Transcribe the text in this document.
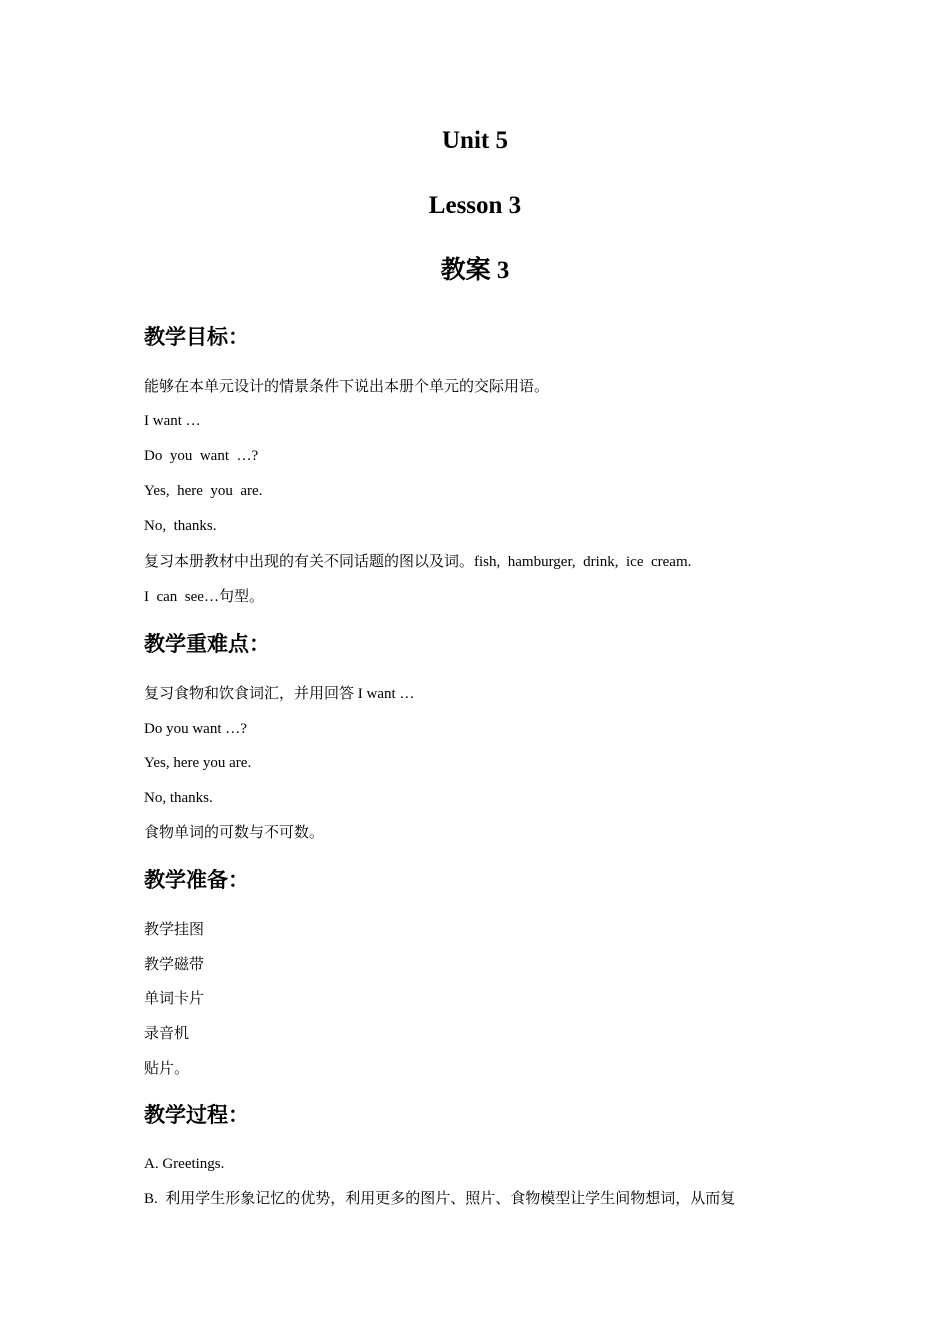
Unit 5
Lesson 3
教案 3
教学目标：

能够在本单元设计的情景条件下说出本册个单元的交际用语。

I want …

Do  you  want  …?

Yes,  here  you  are.

No,  thanks.

复习本册教材中出现的有关不同话题的图以及词。fish,  hamburger,  drink,  ice  cream.

I  can  see…句型。

教学重难点：

复习食物和饮食词汇，并用回答 I want …

Do you want …?

Yes, here you are.

No, thanks.

食物单词的可数与不可数。

教学准备：

教学挂图

教学磁带

单词卡片

录音机

贴片。

教学过程：

A. Greetings.

B.  利用学生形象记忆的优势，利用更多的图片、照片、食物模型让学生间物想词，从而复
